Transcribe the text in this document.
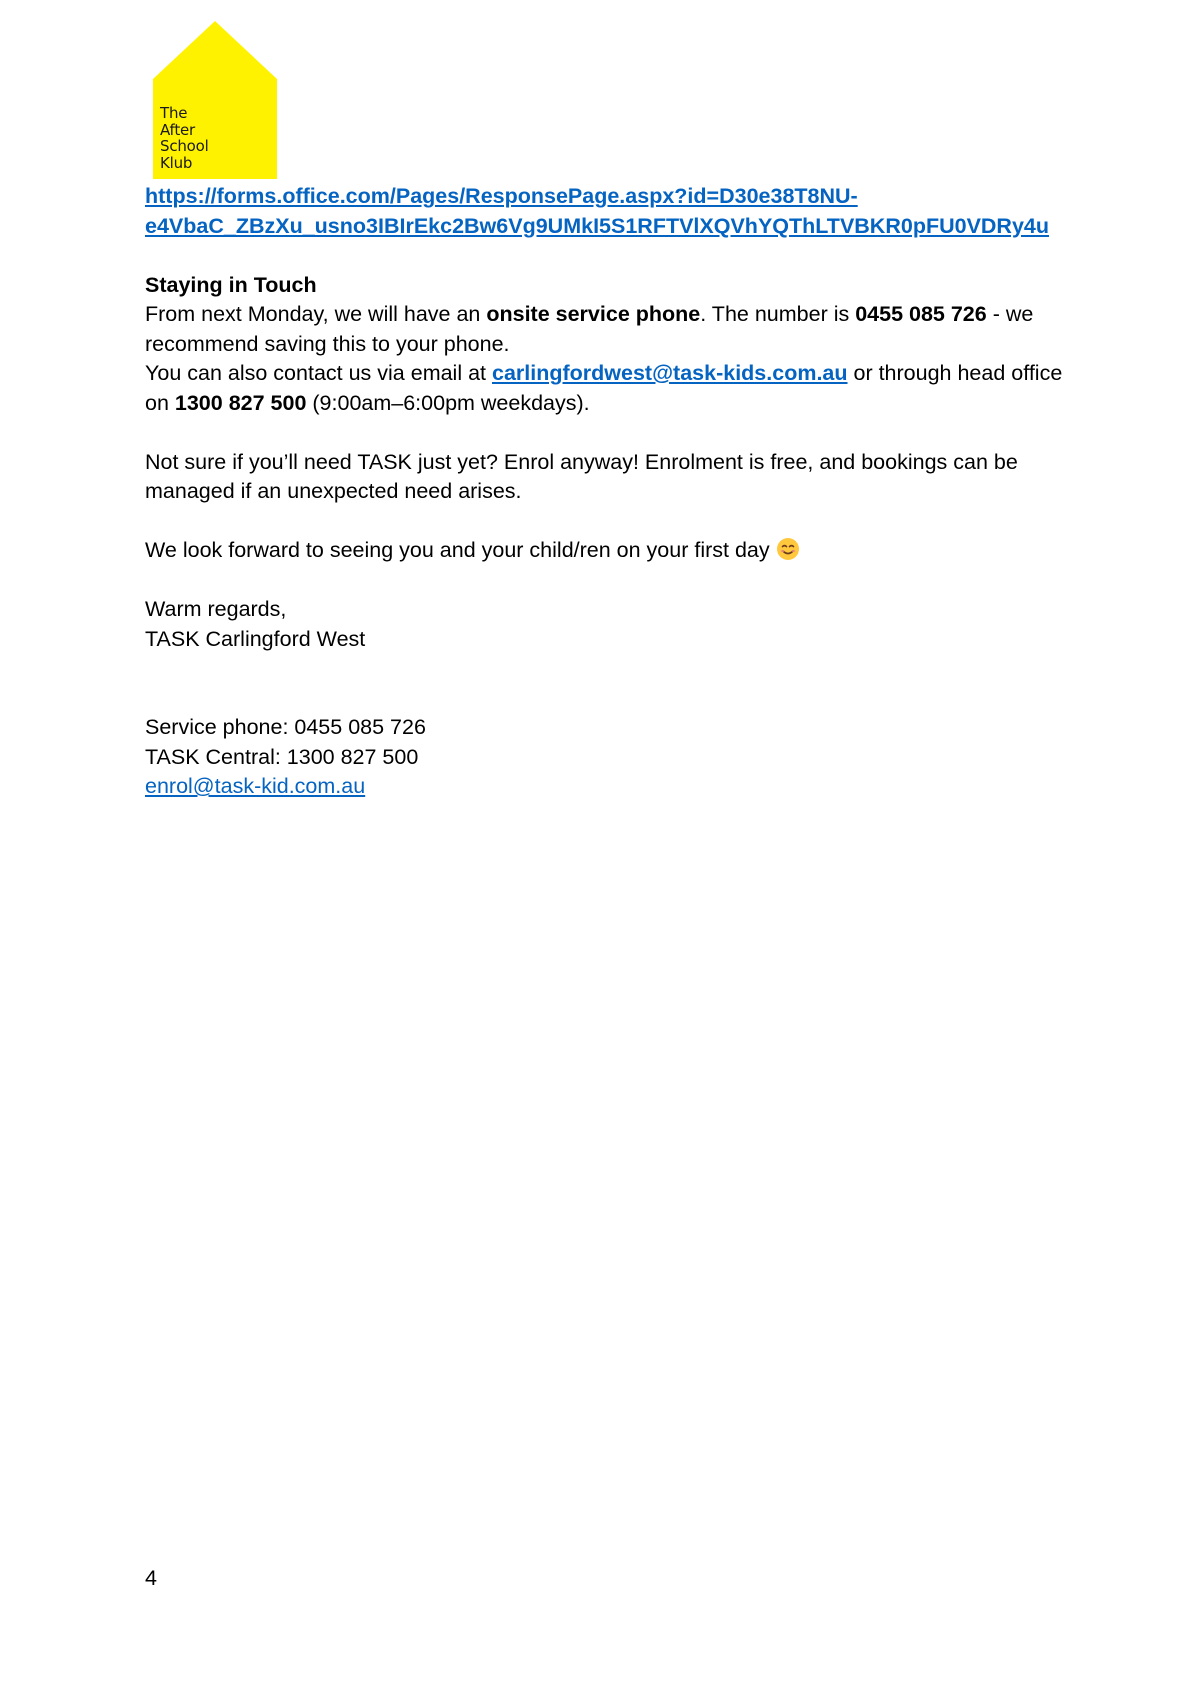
The
After
School
Klub

https://forms.office.com/Pages/ResponsePage.aspx?id=D30e38T8NU-
e4VbaC_ZBzXu_usno3IBIrEkc2Bw6Vg9UMkI5S1RFTVlXQVhYQThLTVBKR0pFU0VDRy4u

Staying in Touch

From next Monday, we will have an onsite service phone. The number is 0455 085 726 - we recommend saving this to your phone.

You can also contact us via email at carlingfordwest@task-kids.com.au or through head office on 1300 827 500 (9:00am–6:00pm weekdays).

Not sure if you’ll need TASK just yet? Enrol anyway! Enrolment is free, and bookings can be managed if an unexpected need arises.

We look forward to seeing you and your child/ren on your first day

Warm regards,

TASK Carlingford West

Service phone: 0455 085 726

TASK Central: 1300 827 500

enrol@task-kid.com.au

4
